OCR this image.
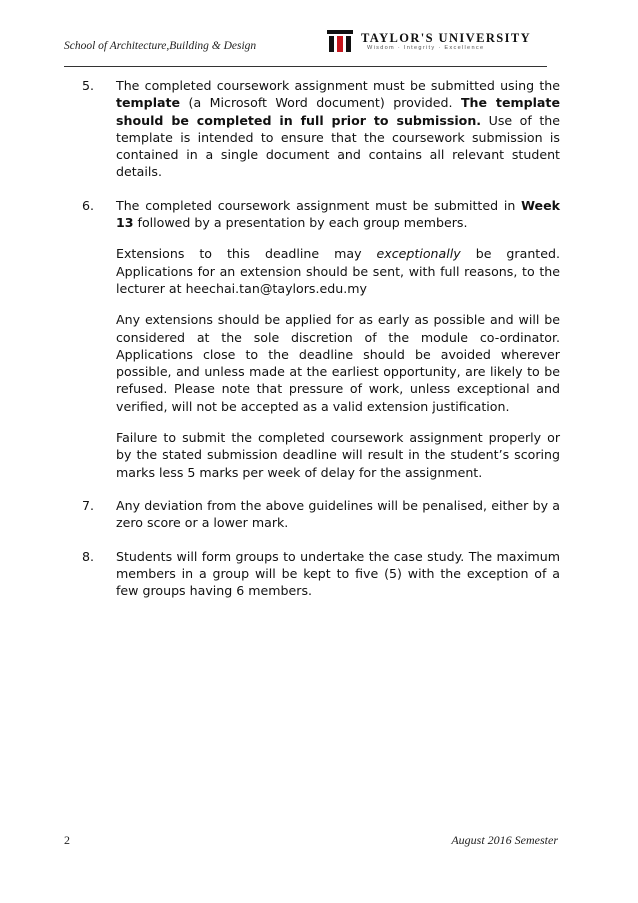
School of Architecture,Building & Design
TAYLOR'S UNIVERSITY
Wisdom · Integrity · Excellence
5. The completed coursework assignment must be submitted using the template (a Microsoft Word document) provided. The template should be completed in full prior to submission. Use of the template is intended to ensure that the coursework submission is contained in a single document and contains all relevant student details.

6. The completed coursework assignment must be submitted in Week 13 followed by a presentation by each group members.

Extensions to this deadline may exceptionally be granted. Applications for an extension should be sent, with full reasons, to the lecturer at heechai.tan@taylors.edu.my

Any extensions should be applied for as early as possible and will be considered at the sole discretion of the module co-ordinator. Applications close to the deadline should be avoided wherever possible, and unless made at the earliest opportunity, are likely to be refused. Please note that pressure of work, unless exceptional and verified, will not be accepted as a valid extension justification.

Failure to submit the completed coursework assignment properly or by the stated submission deadline will result in the student’s scoring marks less 5 marks per week of delay for the assignment.

7. Any deviation from the above guidelines will be penalised, either by a zero score or a lower mark.

8. Students will form groups to undertake the case study. The maximum members in a group will be kept to five (5) with the exception of a few groups having 6 members.

2	August 2016 Semester
